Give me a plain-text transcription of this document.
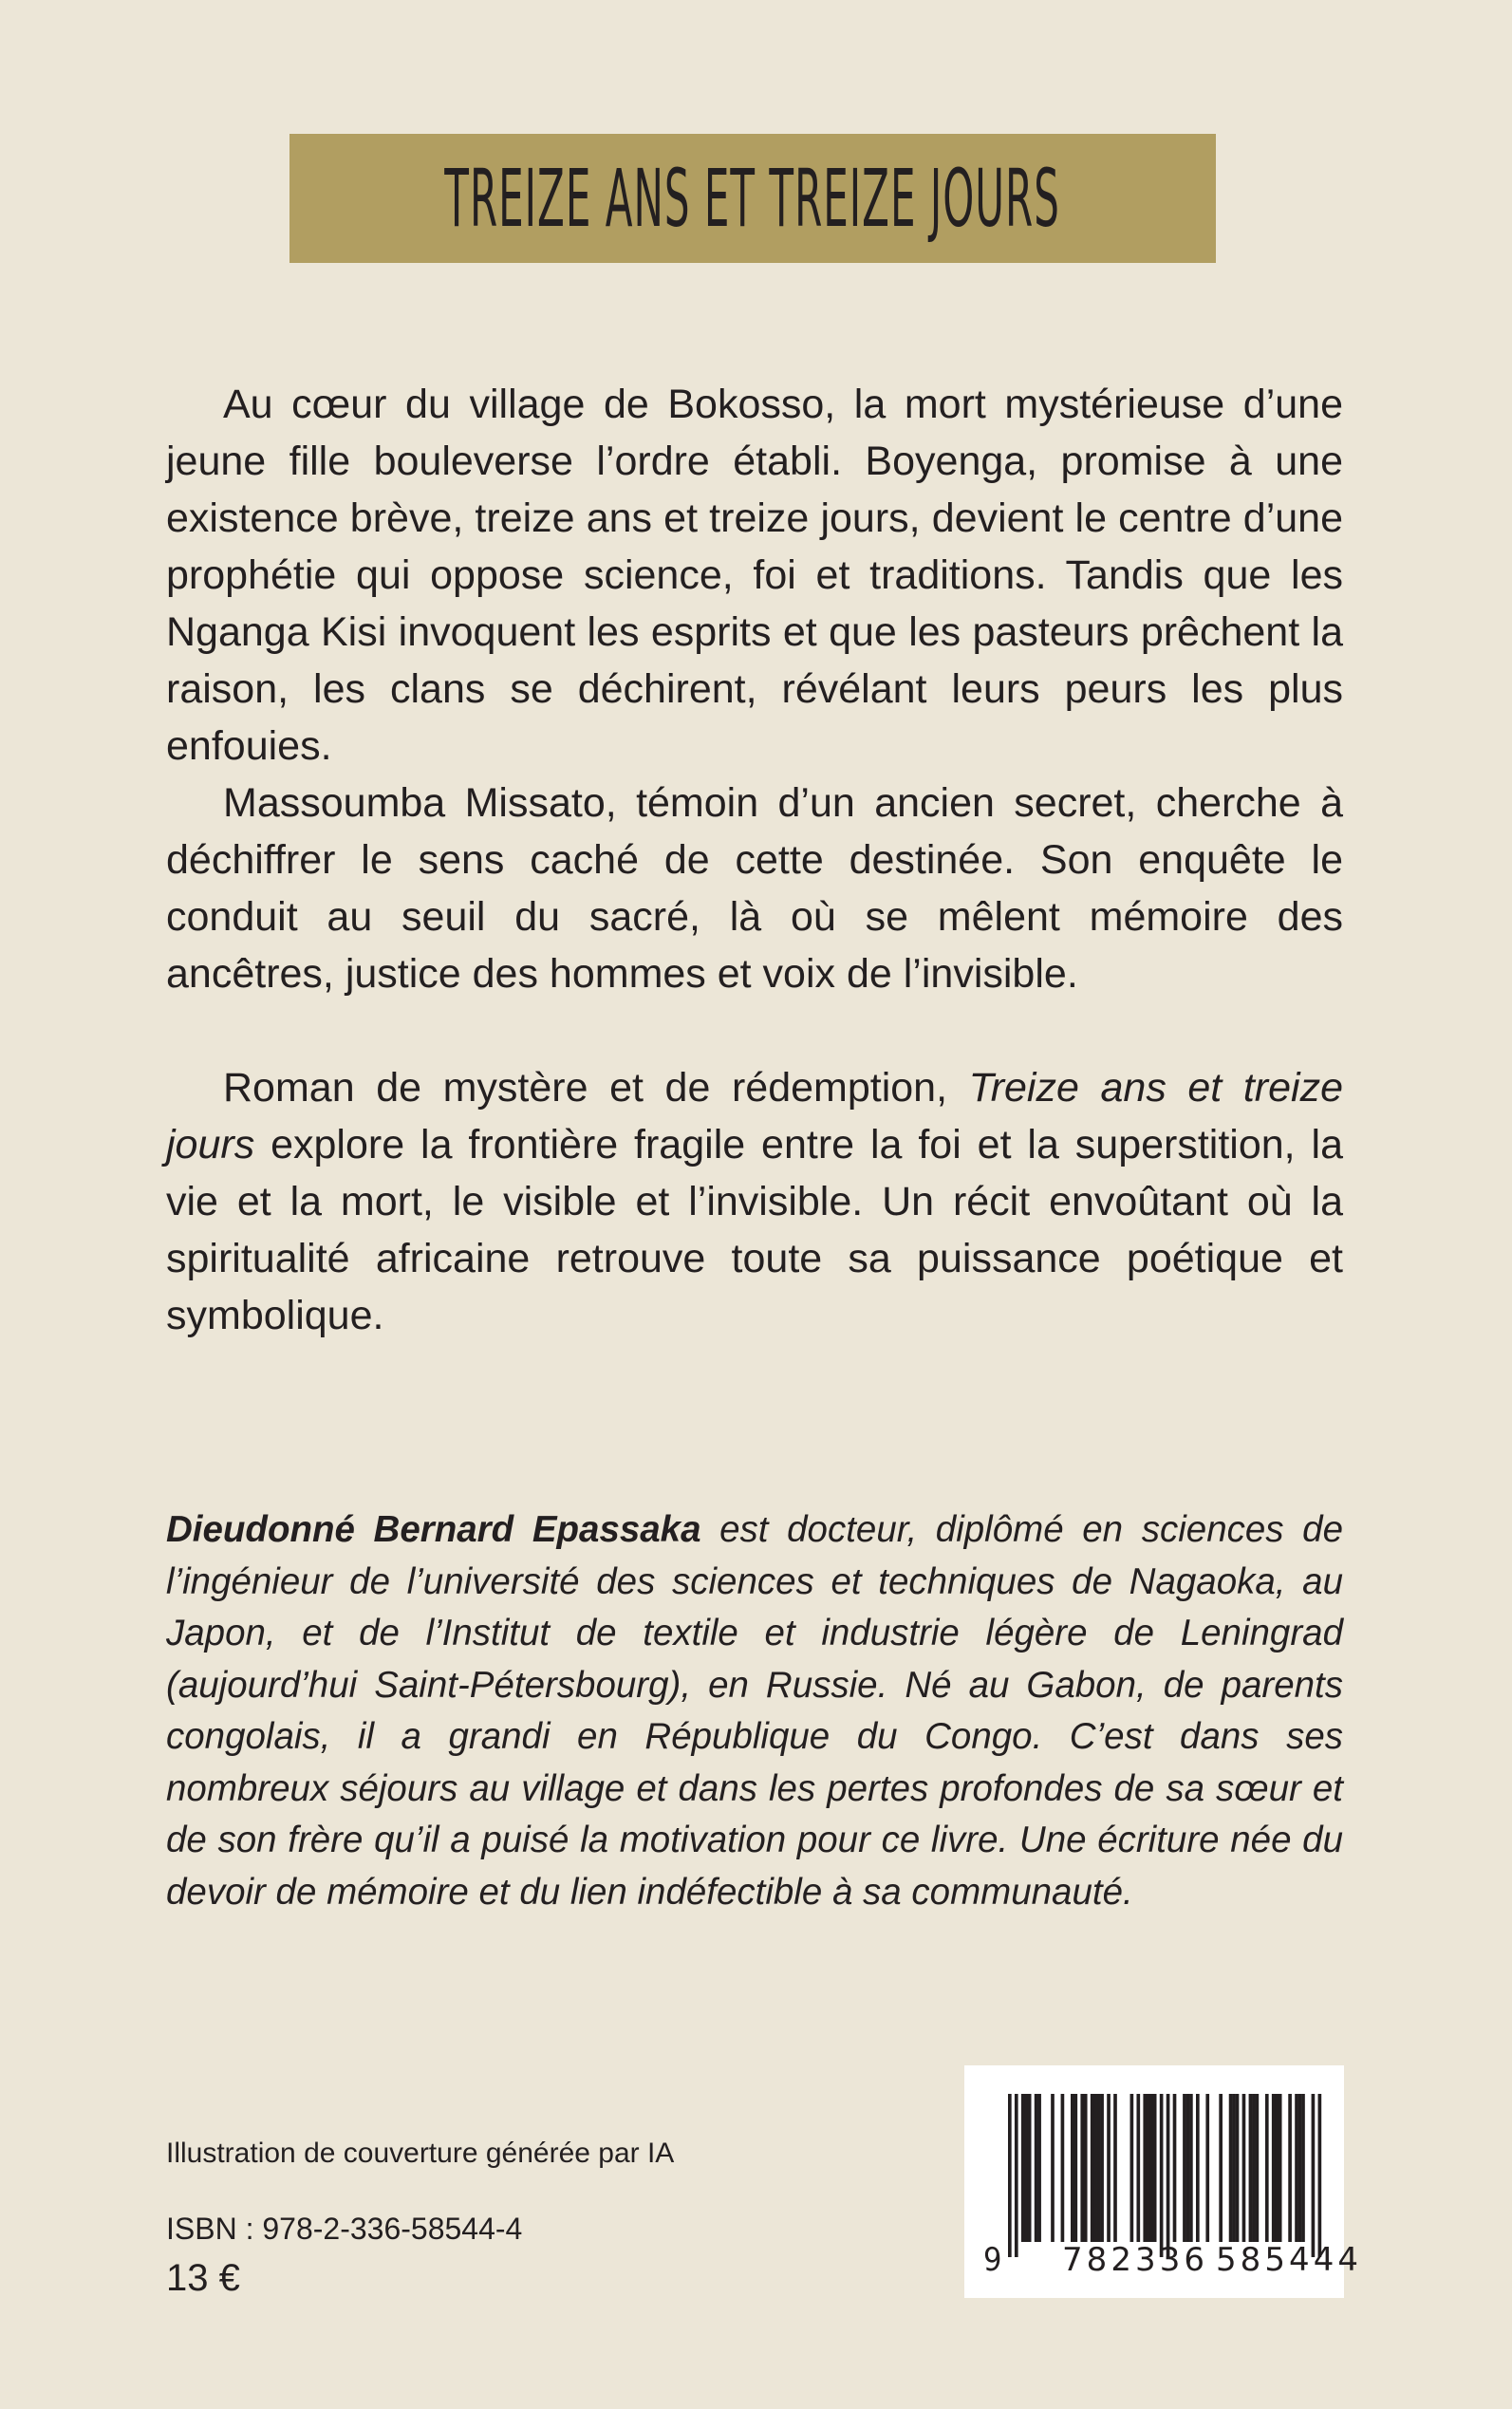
TREIZE ANS ET TREIZE JOURS

Au cœur du village de Bokosso, la mort mystérieuse d’une jeune fille bouleverse l’ordre établi. Boyenga, promise à une existence brève, treize ans et treize jours, devient le centre d’une prophétie qui oppose science, foi et traditions. Tandis que les Nganga Kisi invoquent les esprits et que les pasteurs prêchent la raison, les clans se déchirent, révélant leurs peurs les plus enfouies.

Massoumba Missato, témoin d’un ancien secret, cherche à déchiffrer le sens caché de cette destinée. Son enquête le conduit au seuil du sacré, là où se mêlent mémoire des ancêtres, justice des hommes et voix de l’invisible.

Roman de mystère et de rédemption, Treize ans et treize jours explore la frontière fragile entre la foi et la superstition, la vie et la mort, le visible et l’invisible. Un récit envoûtant où la spiritualité africaine retrouve toute sa puissance poétique et symbolique.

Dieudonné Bernard Epassaka est docteur, diplômé en sciences de l’ingénieur de l’université des sciences et techniques de Nagaoka, au Japon, et de l’Institut de textile et industrie légère de Leningrad (aujourd’hui Saint-Pétersbourg), en Russie. Né au Gabon, de parents congolais, il a grandi en République du Congo. C’est dans ses nombreux séjours au village et dans les pertes profondes de sa sœur et de son frère qu’il a puisé la motivation pour ce livre. Une écriture née du devoir de mémoire et du lien indéfectible à sa communauté.

Illustration de couverture générée par IA
ISBN : 978-2-336-58544-4
13 €	9 782336 585444
